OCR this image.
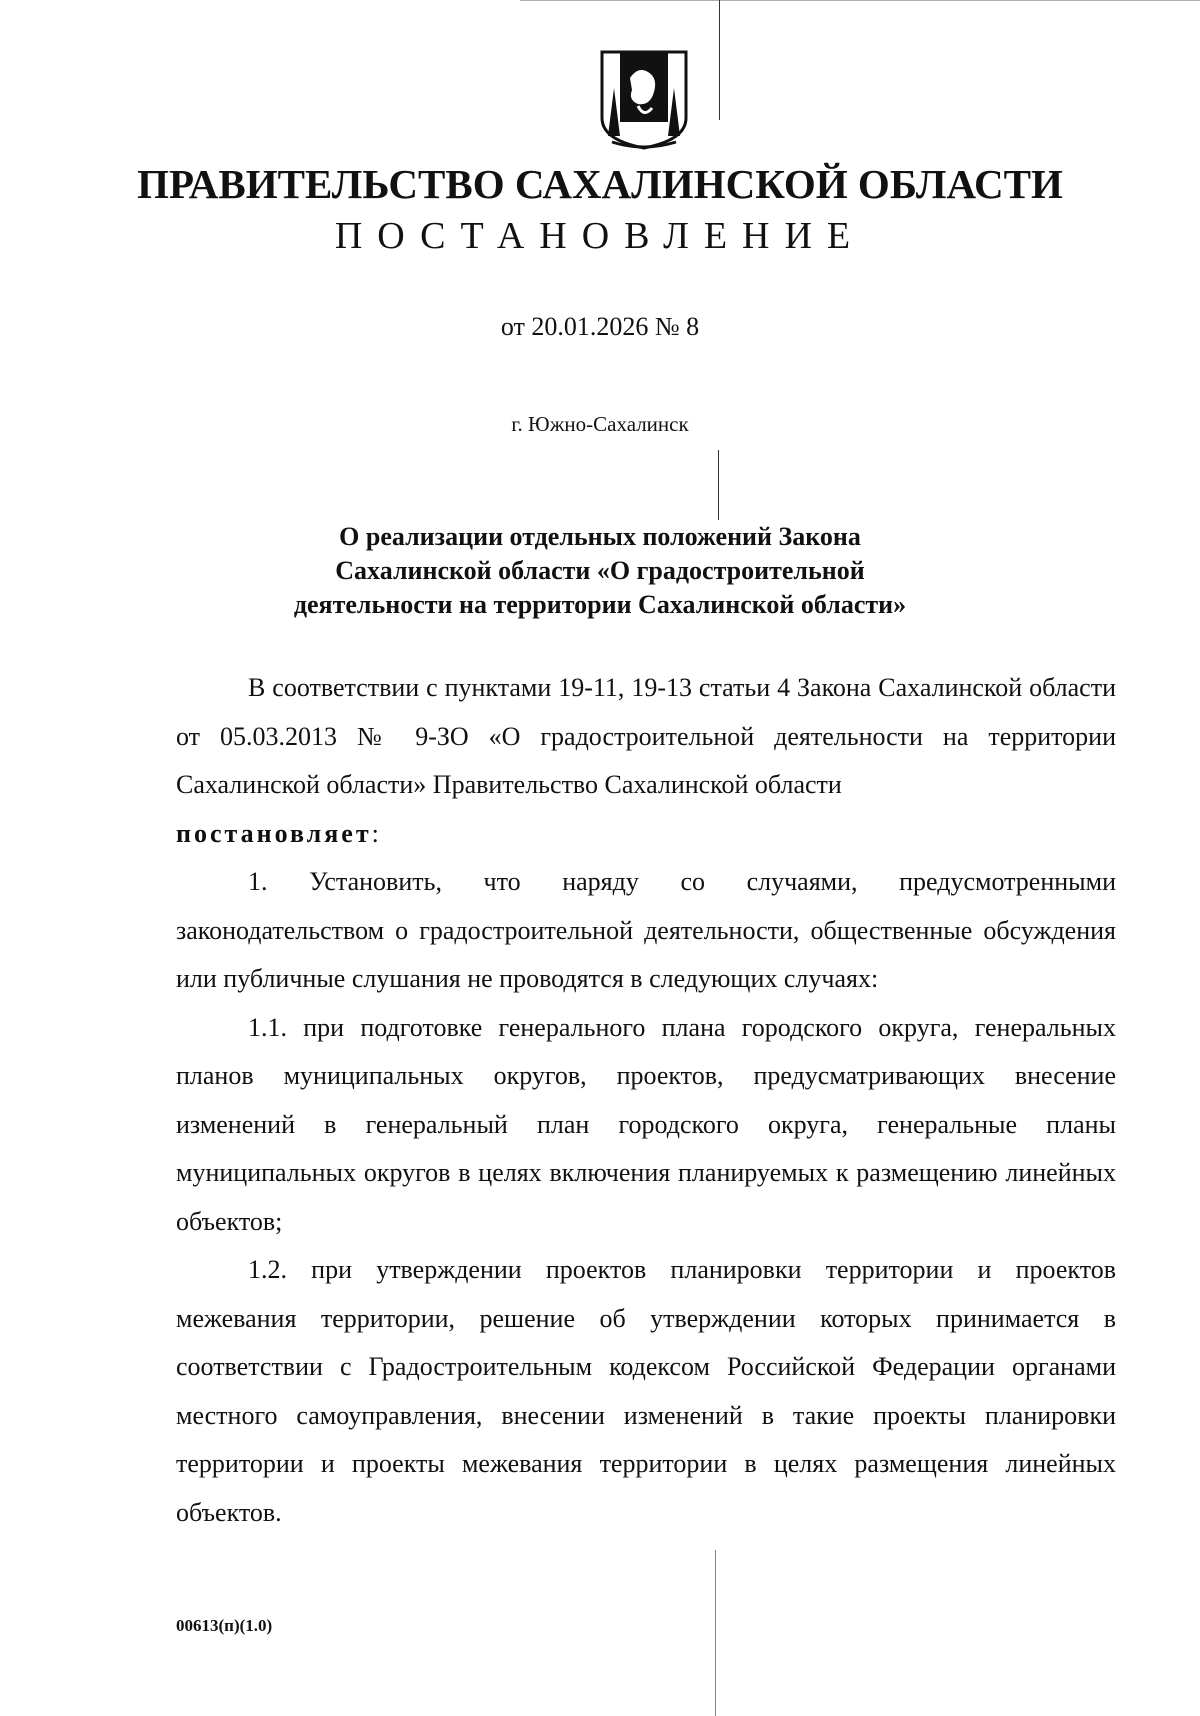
ПРАВИТЕЛЬСТВО САХАЛИНСКОЙ ОБЛАСТИ
ПОСТАНОВЛЕНИЕ
от 20.01.2026 № 8
г. Южно-Сахалинск
О реализации отдельных положений Закона
Сахалинской области «О градостроительной
деятельности на территории Сахалинской области»

В соответствии с пунктами 19-11, 19-13 статьи 4 Закона Сахалинской области от 05.03.2013 № 9-ЗО «О градостроительной деятельности на территории Сахалинской области» Правительство Сахалинской области

постановляет:

1. Установить, что наряду со случаями, предусмотренными законодательством о градостроительной деятельности, общественные обсуждения или публичные слушания не проводятся в следующих случаях:

1.1. при подготовке генерального плана городского округа, генеральных планов муниципальных округов, проектов, предусматривающих внесение изменений в генеральный план городского округа, генеральные планы муниципальных округов в целях включения планируемых к размещению линейных объектов;

1.2. при утверждении проектов планировки территории и проектов межевания территории, решение об утверждении которых принимается в соответствии с Градостроительным кодексом Российской Федерации органами местного самоуправления, внесении изменений в такие проекты планировки территории и проекты межевания территории в целях размещения линейных объектов.

00613(п)(1.0)
